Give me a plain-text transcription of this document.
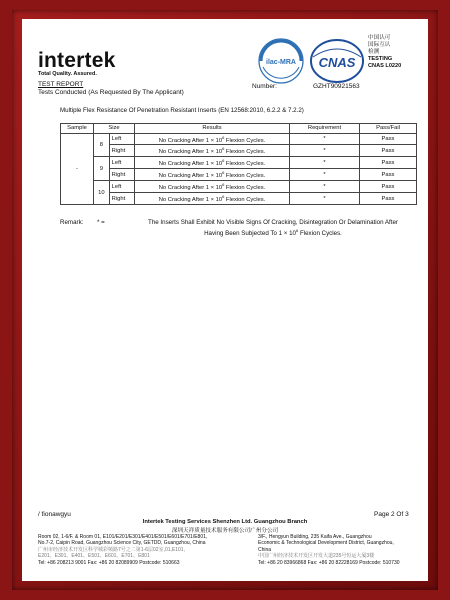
intertek
Total Quality. Assured.
TEST REPORT
Tests Conducted (As Requested By The Applicant)
ilac-MRA CNAS
中国认可
国际互认
检测
TESTING
CNAS L0220
Number:	GZHT90921563
Multiple Flex Resistance Of Penetration Resistant Inserts (EN 12568:2010, 6.2.2 & 7.2.2)
Sample	Size		Results	Requirement	Pass/Fail
-	8	Left	No Cracking After $1 \times 10^6$ Flexion Cycles.	*	Pass
		Right	No Cracking After $1 \times 10^6$ Flexion Cycles.	*	Pass
	9	Left	No Cracking After $1 \times 10^6$ Flexion Cycles.	*	Pass
		Right	No Cracking After $1 \times 10^6$ Flexion Cycles.	*	Pass
	10	Left	No Cracking After $1 \times 10^6$ Flexion Cycles.	*	Pass
		Right	No Cracking After $1 \times 10^6$ Flexion Cycles.	*	Pass
Remark: * =	The Inserts Shall Exhibit No Visible Signs Of Cracking, Disintegration Or Delamination After
Having Been Subjected To $1 \times 10^6$ Flexion Cycles.
/ fionawgyu	Page 2 Of 3
Intertek Testing Services Shenzhen Ltd. Guangzhou Branch
深圳天祥质量技术服务有限公司广州分公司
Room 02, 1-6/F. & Room 01, E101/E201/E301/E401/E501/E601/E701/E801,
No.7-2, Caipin Road, Guangzhou Science City, GETDD, Guangzhou, China
广州市经济技术开发区科学城彩频路7号之二第1-6层02室,01,E101,
E201、E301、E401、E501、E601、E701、E801
Tel: +86 208213 9001 Fax: +86 20 82089909 Postcode: 510663
3/F., Hengyun Building, 235 Kaifa Ave., Guangzhou
Economic & Technological Development District, Guangzhou,
China
中国广州经济技术开发区开发大道235号恒运大厦3楼
Tel: +86 20 83966868 Fax: +86 20 82228169 Postcode: 510730
